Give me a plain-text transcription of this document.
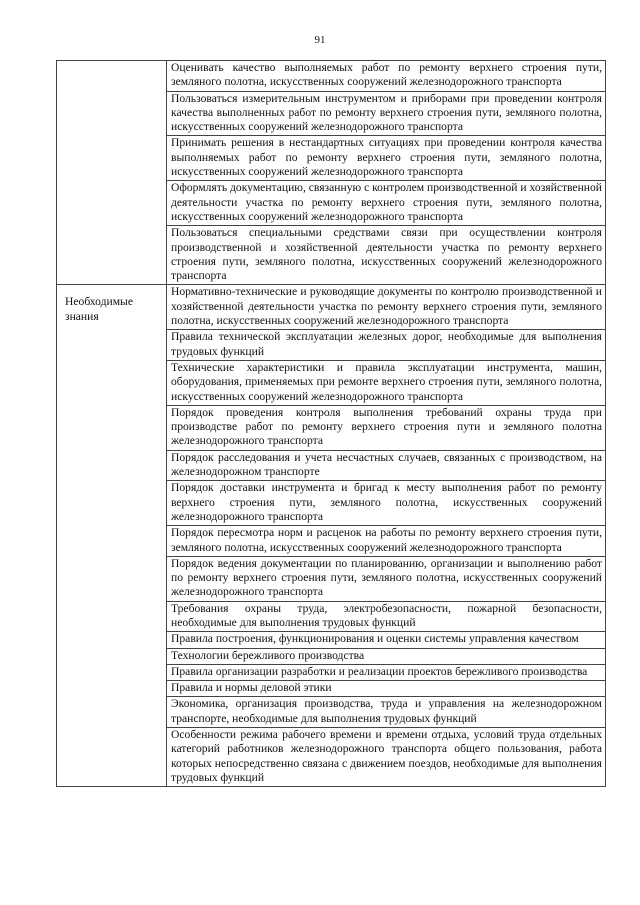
91
	Оценивать качество выполняемых работ по ремонту верхнего строения пути, земляного полотна, искусственных сооружений железнодорожного транспорта
	Пользоваться измерительным инструментом и приборами при проведении контроля качества выполненных работ по ремонту верхнего строения пути, земляного полотна, искусственных сооружений железнодорожного транспорта
	Принимать решения в нестандартных ситуациях при проведении контроля качества выполняемых работ по ремонту верхнего строения пути, земляного полотна, искусственных сооружений железнодорожного транспорта
	Оформлять документацию, связанную с контролем производственной и хозяйственной деятельности участка по ремонту верхнего строения пути, земляного полотна, искусственных сооружений железнодорожного транспорта
	Пользоваться специальными средствами связи при осуществлении контроля производственной и хозяйственной деятельности участка по ремонту верхнего строения пути, земляного полотна, искусственных сооружений железнодорожного транспорта
Необходимые знания	Нормативно-технические и руководящие документы по контролю производственной и хозяйственной деятельности участка по ремонту верхнего строения пути, земляного полотна, искусственных сооружений железнодорожного транспорта
	Правила технической эксплуатации железных дорог, необходимые для выполнения трудовых функций
	Технические характеристики и правила эксплуатации инструмента, машин, оборудования, применяемых при ремонте верхнего строения пути, земляного полотна, искусственных сооружений железнодорожного транспорта
	Порядок проведения контроля выполнения требований охраны труда при производстве работ по ремонту верхнего строения пути и земляного полотна железнодорожного транспорта
	Порядок расследования и учета несчастных случаев, связанных с производством, на железнодорожном транспорте
	Порядок доставки инструмента и бригад к месту выполнения работ по ремонту верхнего строения пути, земляного полотна, искусственных сооружений железнодорожного транспорта
	Порядок пересмотра норм и расценок на работы по ремонту верхнего строения пути, земляного полотна, искусственных сооружений железнодорожного транспорта
	Порядок ведения документации по планированию, организации и выполнению работ по ремонту верхнего строения пути, земляного полотна, искусственных сооружений железнодорожного транспорта
	Требования охраны труда, электробезопасности, пожарной безопасности, необходимые для выполнения трудовых функций
	Правила построения, функционирования и оценки системы управления качеством
	Технологии бережливого производства
	Правила организации разработки и реализации проектов бережливого производства
	Правила и нормы деловой этики
	Экономика, организация производства, труда и управления на железнодорожном транспорте, необходимые для выполнения трудовых функций
	Особенности режима рабочего времени и времени отдыха, условий труда отдельных категорий работников железнодорожного транспорта общего пользования, работа которых непосредственно связана с движением поездов, необходимые для выполнения трудовых функций
